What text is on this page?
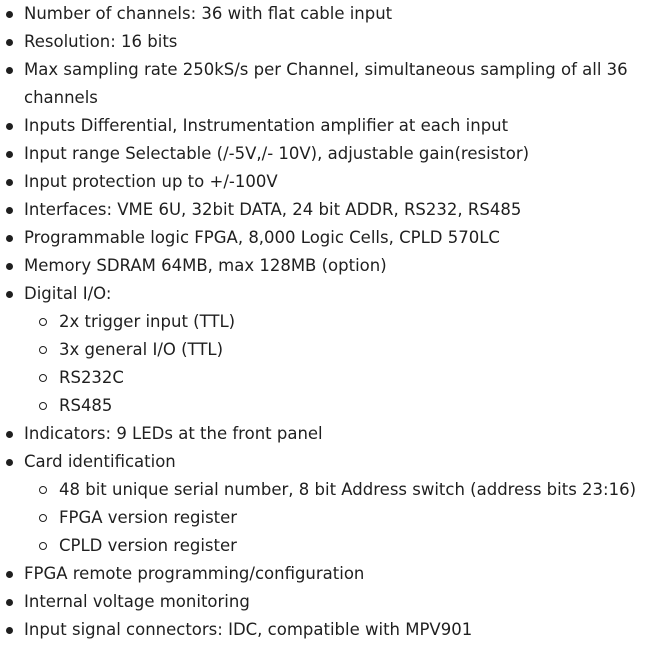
Number of channels: 36 with flat cable input
Resolution: 16 bits
Max sampling rate 250kS/s per Channel, simultaneous sampling of all 36 channels
Inputs Differential, Instrumentation amplifier at each input
Input range Selectable (/-5V,/- 10V), adjustable gain(resistor)
Input protection up to +/-100V
Interfaces: VME 6U, 32bit DATA, 24 bit ADDR, RS232, RS485
Programmable logic FPGA, 8,000 Logic Cells, CPLD 570LC
Memory SDRAM 64MB, max 128MB (option)
Digital I/O:
2x trigger input (TTL)
3x general I/O (TTL)
RS232C
RS485
Indicators: 9 LEDs at the front panel
Card identification
48 bit unique serial number, 8 bit Address switch (address bits 23:16)
FPGA version register
CPLD version register
FPGA remote programming/configuration
Internal voltage monitoring
Input signal connectors: IDC, compatible with MPV901
